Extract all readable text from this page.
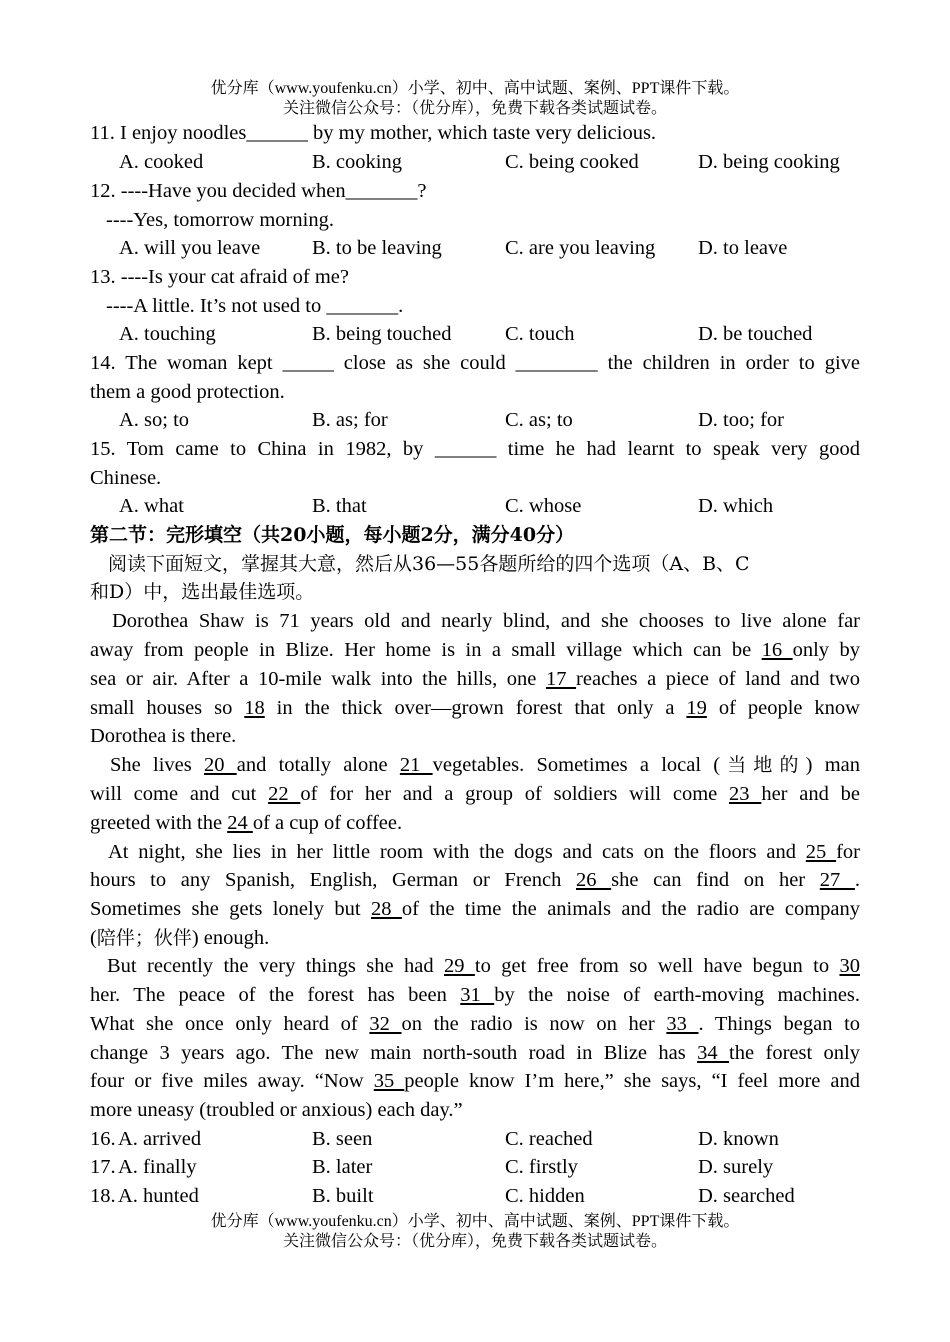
优分库（www.youfenku.cn）小学、初中、高中试题、案例、PPT课件下载。
关注微信公众号：（优分库），免费下载各类试题试卷。
11. I enjoy noodles______ by my mother, which taste very delicious.
A. cooked	B. cooking	C. being cooked	D. being cooking
12. ----Have you decided when_______?
----Yes, tomorrow morning.
A. will you leave	B. to be leaving	C. are you leaving D. to leave
13. ----Is your cat afraid of me?
----A little. It’s not used to _______.
A. touching	B. being touched	C. touch	D. be touched
14. The woman kept _____ close as she could ________ the children in order to give
them a good protection.
A. so; to	B. as; for	C. as; to	D. too; for
15. Tom came to China in 1982, by ______ time he had learnt to speak very good
Chinese.
A. what	B. that	C. whose	D. which
第二节：完形填空（共20小题，每小题2分，满分40分）
阅读下面短文，掌握其大意，然后从36—55各题所给的四个选项（A、B、C
和D）中，选出最佳选项。
Dorothea Shaw is 71 years old and nearly blind, and she chooses to live alone far
away from people in Blize. Her home is in a small village which can be 16 only by
sea or air. After a 10-mile walk into the hills, one 17 reaches a piece of land and two
small houses so 18 in the thick over—grown forest that only a 19 of people know
Dorothea is there.
She lives 20 and totally alone 21 vegetables. Sometimes a local (当地的) man
will come and cut 22 of for her and a group of soldiers will come 23 her and be
greeted with the 24 of a cup of coffee.
At night, she lies in her little room with the dogs and cats on the floors and 25 for
hours to any Spanish, English, German or French 26 she can find on her 27 .
Sometimes she gets lonely but 28 of the time the animals and the radio are company
(陪伴；伙伴) enough.
But recently the very things she had 29 to get free from so well have begun to 30
her. The peace of the forest has been 31 by the noise of earth-moving machines.
What she once only heard of 32 on the radio is now on her 33 . Things began to
change 3 years ago. The new main north-south road in Blize has 34 the forest only
four or five miles away. “Now 35 people know I’m here,” she says, “I feel more and
more uneasy (troubled or anxious) each day.”
16. A. arrived	B. seen	C. reached	D. known
17. A. finally	B. later	C. firstly	D. surely
18. A. hunted	B. built	C. hidden	D. searched
优分库（www.youfenku.cn）小学、初中、高中试题、案例、PPT课件下载。
关注微信公众号：（优分库），免费下载各类试题试卷。
